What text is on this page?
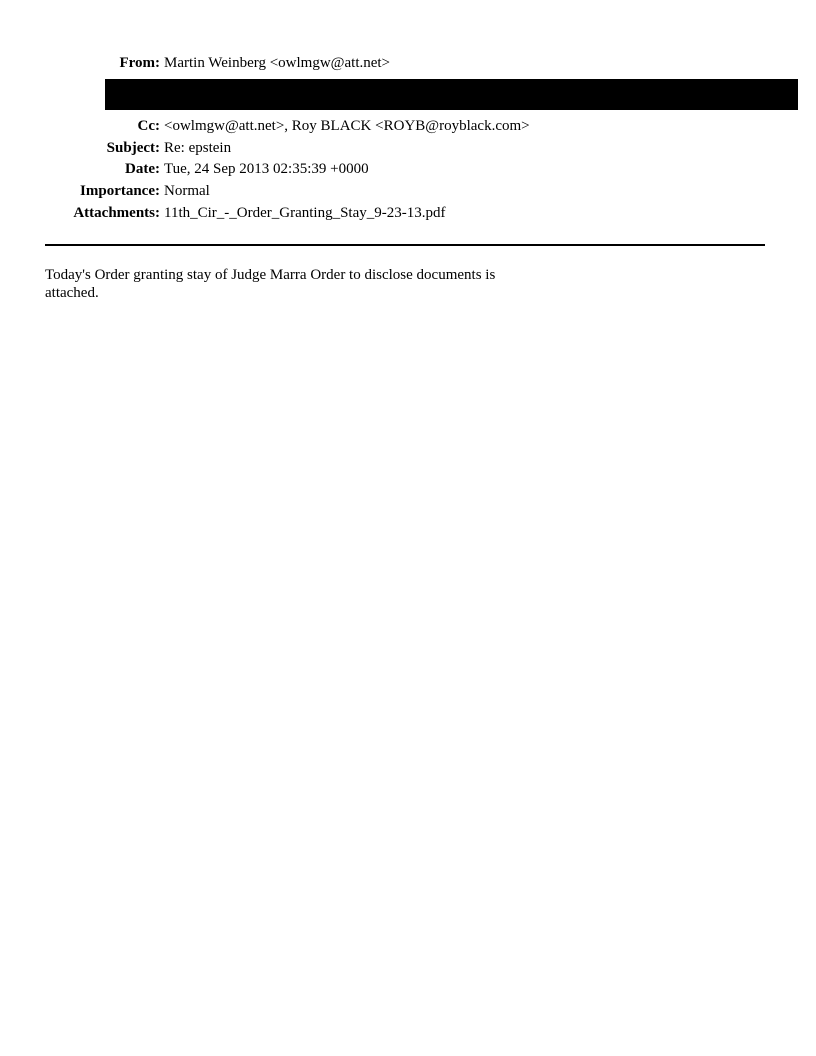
From: Martin Weinberg <owlmgw@att.net>
Cc: <owlmgw@att.net>, Roy BLACK <ROYB@royblack.com>
Subject: Re: epstein
Date: Tue, 24 Sep 2013 02:35:39 +0000
Importance: Normal
Attachments: 11th_Cir_-_Order_Granting_Stay_9-23-13.pdf
Today's Order granting stay of Judge Marra Order to disclose documents is attached.
